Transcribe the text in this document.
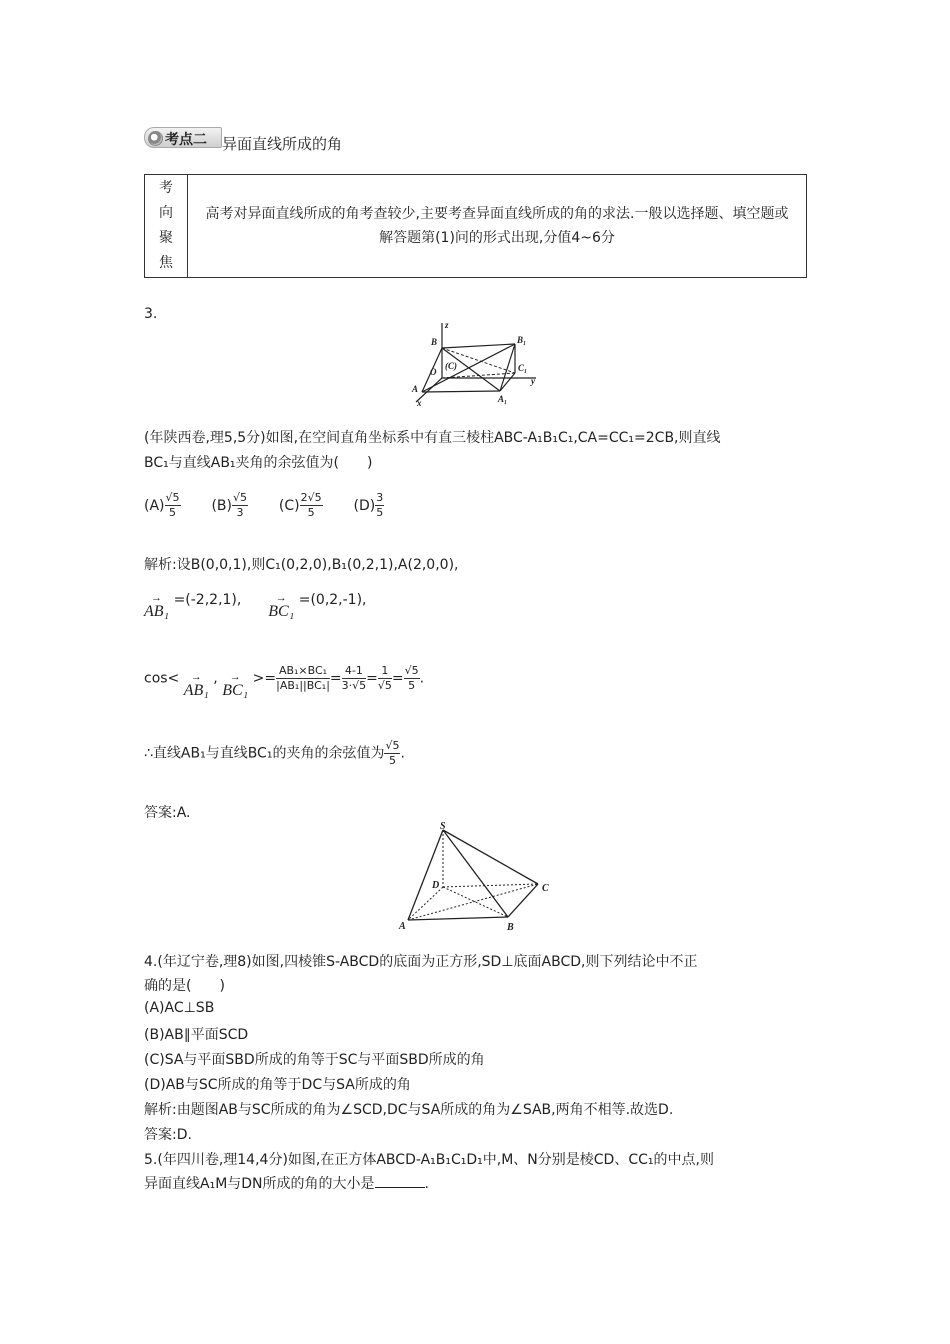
考点二 异面直线所成的角
考
向
聚
焦
	高考对异面直线所成的角考查较少,主要考查异面直线所成的角的求法.一般以选择题、填空题或解答题第(1)问的形式出现,分值4~6分
3.
z
B	B₁
(C)
O	C₁
y
A
A₁
x
(年陕西卷,理5,5分)如图,在空间直角坐标系中有直三棱柱ABC-A₁B₁C₁,CA=CC₁=2CB,则直线
BC₁与直线AB₁夹角的余弦值为(　　)
$(A) \frac{√5}{5} (B) \frac{√5}{3} (C) \frac{2√5}{5} (D) \frac{3}{5}$
解析:设B(0,0,1),则C₁(0,2,0),B₁(0,2,1),A(2,0,0),
→
AB₁ =(-2,2,1),	→
BC₁ =(0,2,-1),
cos<	→
AB₁ , →
$BC_1 >= \frac{\text{AB₁×BC₁}}{\text{|AB₁||BC₁|}} = \frac{4-1}{3\cdot√5} = \frac{1}{√5} = \frac{√5}{5}$ .
∴直线AB₁与直线BC₁的夹角的余弦值为 $\frac{√5}{5}$ .
答案:A.
S
D	C
A	B
4.(年辽宁卷,理8)如图,四棱锥S-ABCD的底面为正方形,SD⊥底面ABCD,则下列结论中不正
确的是(　　)
(A)AC⊥SB
(B)AB∥平面SCD
(C)SA与平面SBD所成的角等于SC与平面SBD所成的角
(D)AB与SC所成的角等于DC与SA所成的角
解析:由题图AB与SC所成的角为∠SCD,DC与SA所成的角为∠SAB,两角不相等.故选D.
答案:D.
5.(年四川卷,理14,4分)如图,在正方体ABCD-A₁B₁C₁D₁中,M、N分别是棱CD、CC₁的中点,则
异面直线A₁M与DN所成的角的大小是	.
